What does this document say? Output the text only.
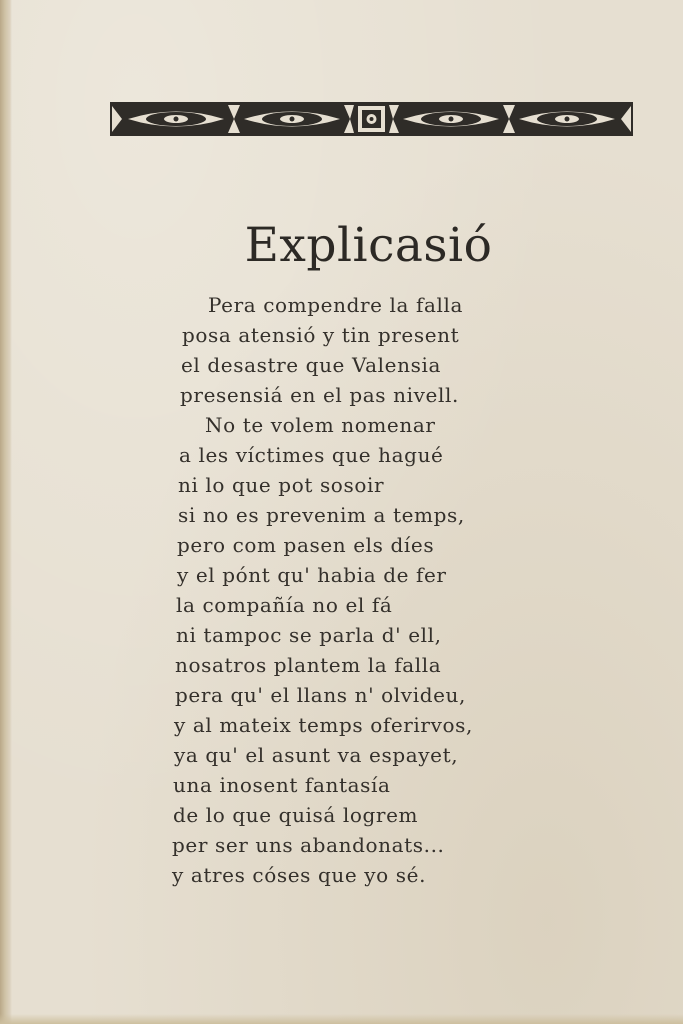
Explicasió
Pera compendre la falla
posa atensió y tin present
el desastre que Valensia
presensiá en el pas nivell.
No te volem nomenar
a les víctimes que hagué
ni lo que pot sosoir
si no es prevenim a temps,
pero com pasen els díes
y el pónt qu' habia de fer
la compañía no el fá
ni tampoc se parla d' ell,
nosatros plantem la falla
pera qu' el llans n' olvideu,
y al mateix temps oferirvos,
ya qu' el asunt va espayet,
una inosent fantasía
de lo que quisá logrem
per ser uns abandonats...
y atres cóses que yo sé.
